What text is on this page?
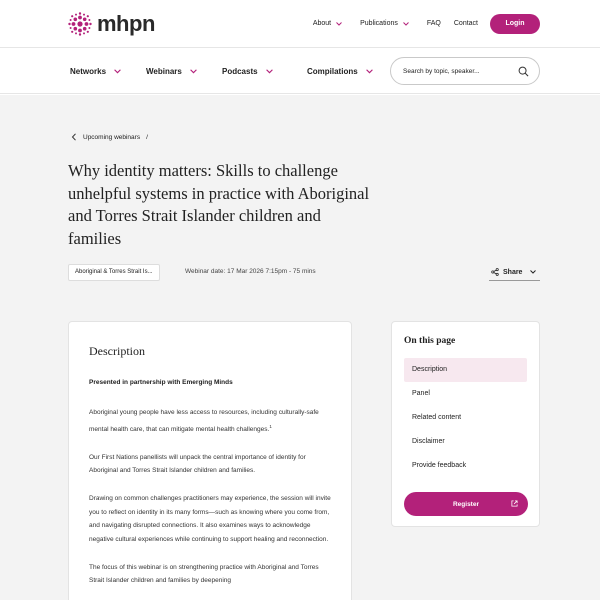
mhpn	About	Publications	FAQ Contact	Login
Networks	Webinars	Podcasts	Compilations
Search by topic, speaker...
Upcoming webinars /
Why identity matters: Skills to challenge unhelpful systems in practice with Aboriginal and Torres Strait Islander children and families
Aboriginal & Torres Strait Is...	Webinar date: 17 Mar 2026 7:15pm - 75 mins	Share
Description

Presented in partnership with Emerging Minds

Aboriginal young people have less access to resources, including culturally-safe mental health care, that can mitigate mental health challenges.$^1$

Our First Nations panellists will unpack the central importance of identity for Aboriginal and Torres Strait Islander children and families.

Drawing on common challenges practitioners may experience, the session will invite you to reflect on identity in its many forms—such as knowing where you come from, and navigating disrupted connections. It also examines ways to acknowledge negative cultural experiences while continuing to support healing and reconnection.

The focus of this webinar is on strengthening practice with Aboriginal and Torres Strait Islander children and families by deepening

On this page
Description
Panel
Related content
Disclaimer
Provide feedback
Register
